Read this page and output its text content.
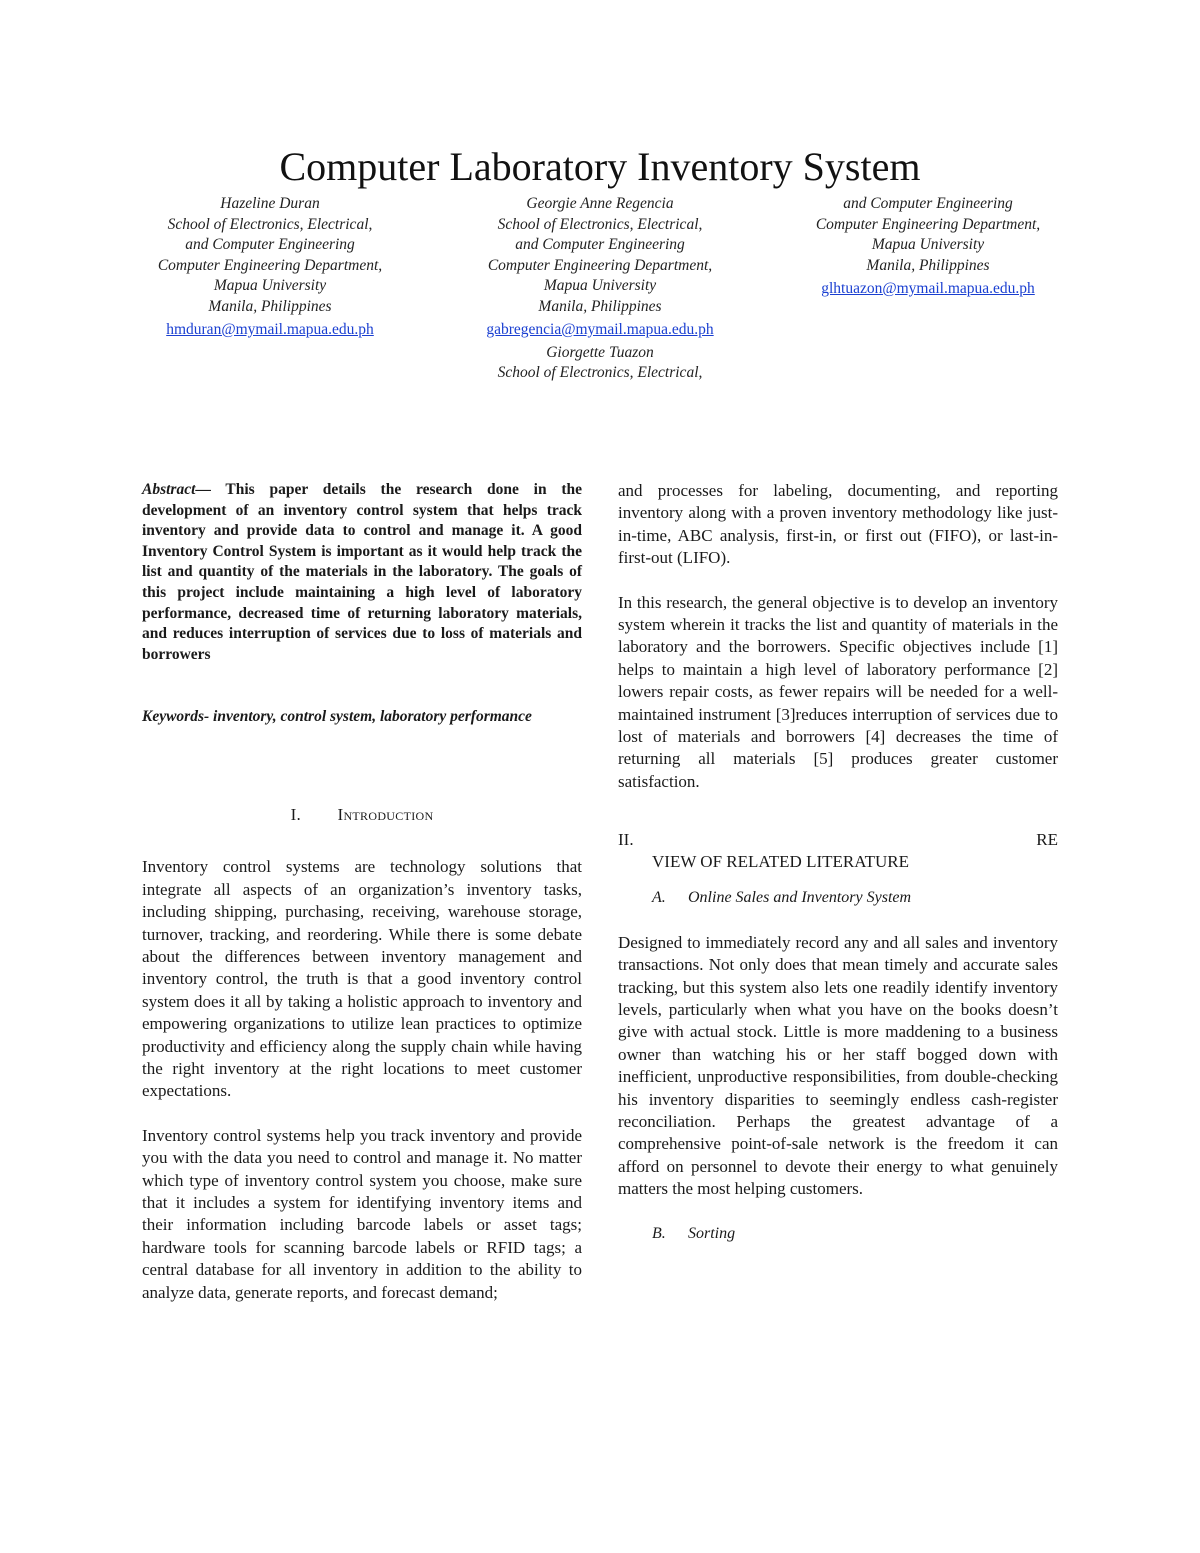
Computer Laboratory Inventory System
Hazeline Duran
School of Electronics, Electrical,
and Computer Engineering
Computer Engineering Department,
Mapua University
Manila, Philippines
hmduran@mymail.mapua.edu.ph
Georgie Anne Regencia
School of Electronics, Electrical,
and Computer Engineering
Computer Engineering Department,
Mapua University
Manila, Philippines
gabregencia@mymail.mapua.edu.ph
Giorgette Tuazon
School of Electronics, Electrical,
and Computer Engineering
Computer Engineering Department,
Mapua University
Manila, Philippines
glhtuazon@mymail.mapua.edu.ph

Abstract— This paper details the research done in the development of an inventory control system that helps track inventory and provide data to control and manage it. A good Inventory Control System is important as it would help track the list and quantity of the materials in the laboratory. The goals of this project include maintaining a high level of laboratory performance, decreased time of returning laboratory materials, and reduces interruption of services due to loss of materials and borrowers

Keywords- inventory, control system, laboratory performance

I. Introduction

Inventory control systems are technology solutions that integrate all aspects of an organization’s inventory tasks, including shipping, purchasing, receiving, warehouse storage, turnover, tracking, and reordering. While there is some debate about the differences between inventory management and inventory control, the truth is that a good inventory control system does it all by taking a holistic approach to inventory and empowering organizations to utilize lean practices to optimize productivity and efficiency along the supply chain while having the right inventory at the right locations to meet customer expectations.

Inventory control systems help you track inventory and provide you with the data you need to control and manage it. No matter which type of inventory control system you choose, make sure that it includes a system for identifying inventory items and their information including barcode labels or asset tags; hardware tools for scanning barcode labels or RFID tags; a central database for all inventory in addition to the ability to analyze data, generate reports, and forecast demand;

and processes for labeling, documenting, and reporting inventory along with a proven inventory methodology like just-in-time, ABC analysis, first-in, or first out (FIFO), or last-in-first-out (LIFO).

In this research, the general objective is to develop an inventory system wherein it tracks the list and quantity of materials in the laboratory and the borrowers. Specific objectives include [1] helps to maintain a high level of laboratory performance [2] lowers repair costs, as fewer repairs will be needed for a well-maintained instrument [3]reduces interruption of services due to lost of materials and borrowers [4] decreases the time of returning all materials [5] produces greater customer satisfaction.

II.	RE
VIEW OF RELATED LITERATURE
A. Online Sales and Inventory System

Designed to immediately record any and all sales and inventory transactions. Not only does that mean timely and accurate sales tracking, but this system also lets one readily identify inventory levels, particularly when what you have on the books doesn’t give with actual stock. Little is more maddening to a business owner than watching his or her staff bogged down with inefficient, unproductive responsibilities, from double-checking his inventory disparities to seemingly endless cash-register reconciliation. Perhaps the greatest advantage of a comprehensive point-of-sale network is the freedom it can afford on personnel to devote their energy to what genuinely matters the most helping customers.

B. Sorting
